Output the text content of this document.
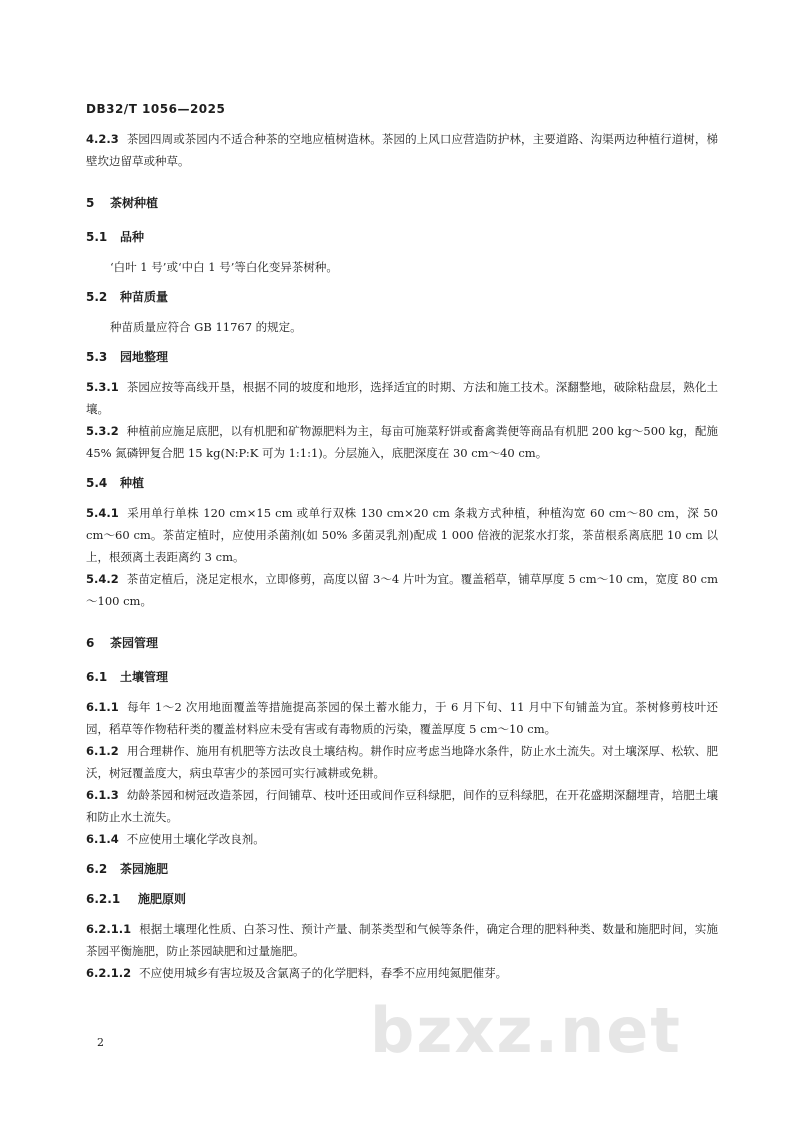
DB32/T 1056—2025
4.2.3 茶园四周或茶园内不适合种茶的空地应植树造林。茶园的上风口应营造防护林，主要道路、沟渠两边种植行道树，梯壁坎边留草或种草。
5	茶树种植
5.1	品种
‘白叶 1 号’或‘中白 1 号’等白化变异茶树种。
5.2	种苗质量
种苗质量应符合 GB 11767 的规定。
5.3	园地整理
5.3.1 茶园应按等高线开垦，根据不同的坡度和地形，选择适宜的时期、方法和施工技术。深翻整地，破除粘盘层，熟化土壤。
5.3.2 种植前应施足底肥，以有机肥和矿物源肥料为主，每亩可施菜籽饼或畜禽粪便等商品有机肥 200 kg～500 kg，配施 45% 氮磷钾复合肥 15 kg(N:P:K 可为 1:1:1)。分层施入，底肥深度在 30 cm～40 cm。
5.4	种植
5.4.1 采用单行单株 120 cm×15 cm 或单行双株 130 cm×20 cm 条栽方式种植，种植沟宽 60 cm～80 cm，深 50 cm～60 cm。茶苗定植时，应使用杀菌剂(如 50% 多菌灵乳剂)配成 1 000 倍液的泥浆水打浆，茶苗根系离底肥 10 cm 以上，根颈离土表距离约 3 cm。
5.4.2 茶苗定植后，浇足定根水，立即修剪，高度以留 3～4 片叶为宜。覆盖稻草，铺草厚度 5 cm～10 cm，宽度 80 cm～100 cm。
6	茶园管理
6.1	土壤管理
6.1.1 每年 1～2 次用地面覆盖等措施提高茶园的保土蓄水能力，于 6 月下旬、11 月中下旬铺盖为宜。茶树修剪枝叶还园，稻草等作物秸秆类的覆盖材料应未受有害或有毒物质的污染，覆盖厚度 5 cm～10 cm。
6.1.2 用合理耕作、施用有机肥等方法改良土壤结构。耕作时应考虑当地降水条件，防止水土流失。对土壤深厚、松软、肥沃，树冠覆盖度大，病虫草害少的茶园可实行减耕或免耕。
6.1.3 幼龄茶园和树冠改造茶园，行间铺草、枝叶还田或间作豆科绿肥，间作的豆科绿肥，在开花盛期深翻埋青，培肥土壤和防止水土流失。
6.1.4 不应使用土壤化学改良剂。
6.2	茶园施肥
6.2.1	施肥原则
6.2.1.1 根据土壤理化性质、白茶习性、预计产量、制茶类型和气候等条件，确定合理的肥料种类、数量和施肥时间，实施茶园平衡施肥，防止茶园缺肥和过量施肥。
6.2.1.2 不应使用城乡有害垃圾及含氯离子的化学肥料，春季不应用纯氮肥催芽。
bzxz.net
2
